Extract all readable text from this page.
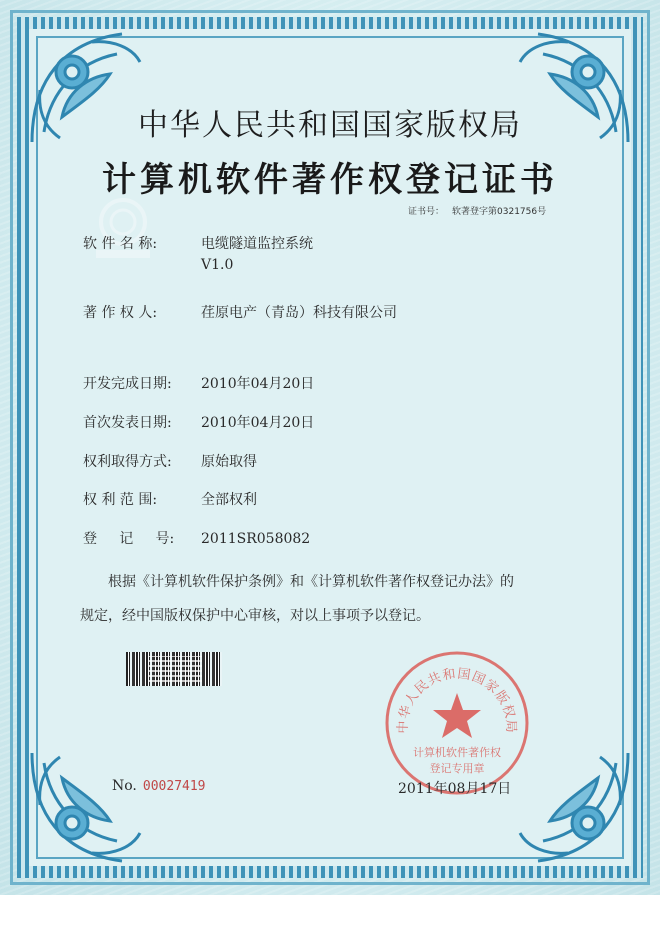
中华人民共和国国家版权局
计算机软件著作权登记证书
证书号： 软著登字第0321756号
软 件 名 称:	电缆隧道监控系统
V1.0
著 作 权 人:	荏原电产（青岛）科技有限公司
开发完成日期: 2010年04月20日
首次发表日期: 2010年04月20日
权利取得方式: 原始取得
权 利 范 围:	全部权利
登     记     号: 2011SR058082
根据《计算机软件保护条例》和《计算机软件著作权登记办法》的
规定，经中国版权保护中心审核，对以上事项予以登记。
中华人民共和国国家版权局
计算机软件著作权
登记专用章
No. 00027419	2011年08月17日
